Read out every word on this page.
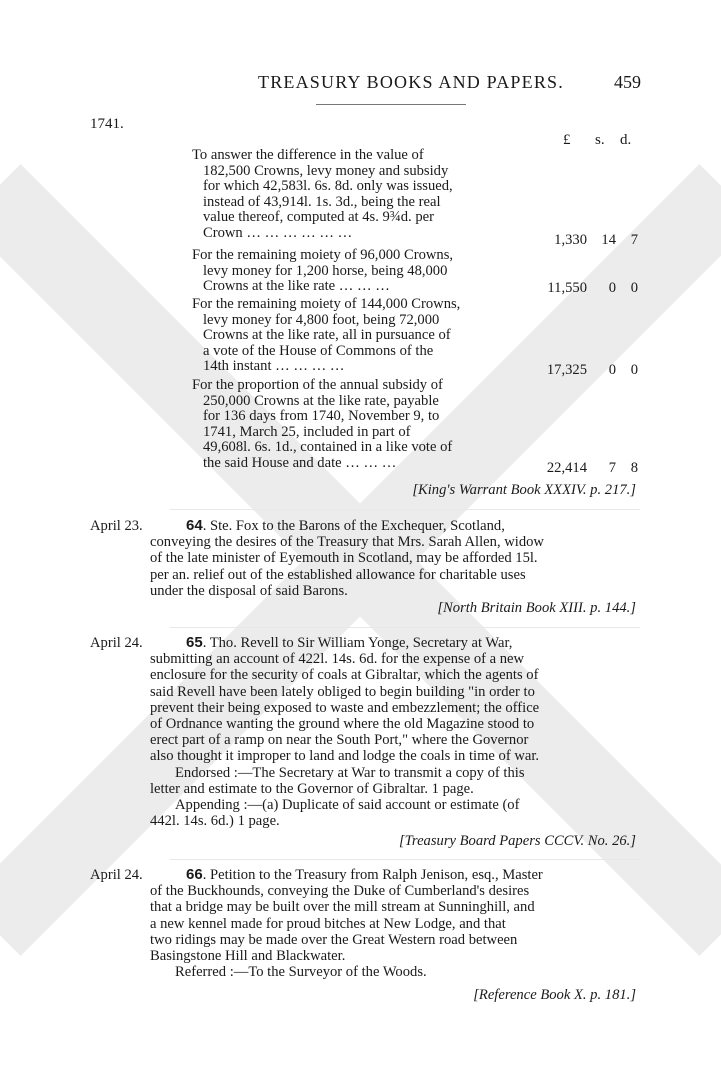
TREASURY BOOKS AND PAPERS.	459
1741.
£ s. d.
To answer the difference in the value of
182,500 Crowns, levy money and subsidy
for which 42,583l. 6s. 8d. only was issued,
instead of 43,914l. 1s. 3d., being the real
value thereof, computed at 4s. 9¾d. per
Crown … … … … … …	1,330 14	7
For the remaining moiety of 96,000 Crowns,
levy money for 1,200 horse, being 48,000
Crowns at the like rate … … …	11,550	0	0
For the remaining moiety of 144,000 Crowns,
levy money for 4,800 foot, being 72,000
Crowns at the like rate, all in pursuance of
a vote of the House of Commons of the
14th instant … … … …	17,325	0	0
For the proportion of the annual subsidy of
250,000 Crowns at the like rate, payable
for 136 days from 1740, November 9, to
1741, March 25, included in part of
49,608l. 6s. 1d., contained in a like vote of
the said House and date … … …	22,414	7	8
[King's Warrant Book XXXIV. p. 217.]
April 23.	64. Ste. Fox to the Barons of the Exchequer, Scotland,
conveying the desires of the Treasury that Mrs. Sarah Allen, widow
of the late minister of Eyemouth in Scotland, may be afforded 15l.
per an. relief out of the established allowance for charitable uses
under the disposal of said Barons.
[North Britain Book XIII. p. 144.]
April 24.	65. Tho. Revell to Sir William Yonge, Secretary at War,
submitting an account of 422l. 14s. 6d. for the expense of a new
enclosure for the security of coals at Gibraltar, which the agents of
said Revell have been lately obliged to begin building "in order to
prevent their being exposed to waste and embezzlement; the office
of Ordnance wanting the ground where the old Magazine stood to
erect part of a ramp on near the South Port," where the Governor
also thought it improper to land and lodge the coals in time of war.
Endorsed :—The Secretary at War to transmit a copy of this
letter and estimate to the Governor of Gibraltar. 1 page.
Appending :—(a) Duplicate of said account or estimate (of
442l. 14s. 6d.) 1 page.
[Treasury Board Papers CCCV. No. 26.]
April 24.	66. Petition to the Treasury from Ralph Jenison, esq., Master
of the Buckhounds, conveying the Duke of Cumberland's desires
that a bridge may be built over the mill stream at Sunninghill, and
a new kennel made for proud bitches at New Lodge, and that
two ridings may be made over the Great Western road between
Basingstone Hill and Blackwater.
Referred :—To the Surveyor of the Woods.
[Reference Book X. p. 181.]
